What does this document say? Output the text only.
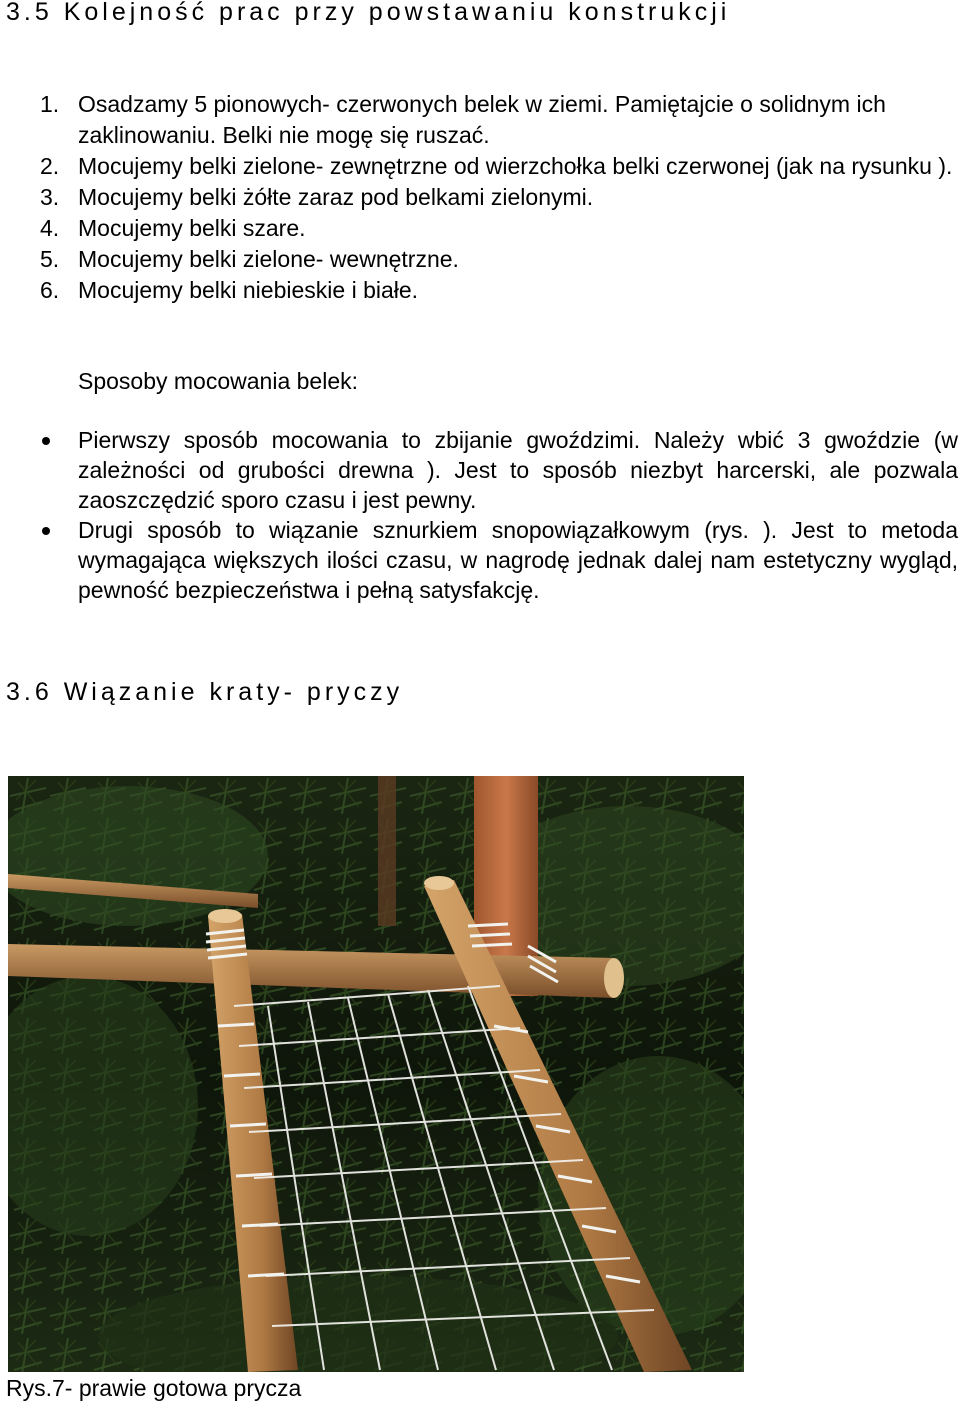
3.5 Kolejność prac przy powstawaniu konstrukcji
1. Osadzamy 5 pionowych- czerwonych belek w ziemi. Pamiętajcie o solidnym ich zaklinowaniu. Belki nie mogę się ruszać.
2. Mocujemy belki zielone- zewnętrzne od wierzchołka belki czerwonej (jak na rysunku ).
3. Mocujemy belki żółte zaraz pod belkami zielonymi.
4. Mocujemy belki szare.
5. Mocujemy belki zielone- wewnętrzne.
6. Mocujemy belki niebieskie i białe.

Sposoby mocowania belek:

Pierwszy sposób mocowania to zbijanie gwoździmi. Należy wbić 3 gwoździe (w zależności od grubości drewna ). Jest to sposób niezbyt harcerski, ale pozwala zaoszczędzić sporo czasu i jest pewny.
Drugi sposób to wiązanie sznurkiem snopowiązałkowym (rys. ). Jest to metoda wymagająca większych ilości czasu, w nagrodę jednak dalej nam estetyczny wygląd, pewność bezpieczeństwa i pełną satysfakcję.
3.6 Wiązanie kraty- pryczy

Rys.7- prawie gotowa prycza
